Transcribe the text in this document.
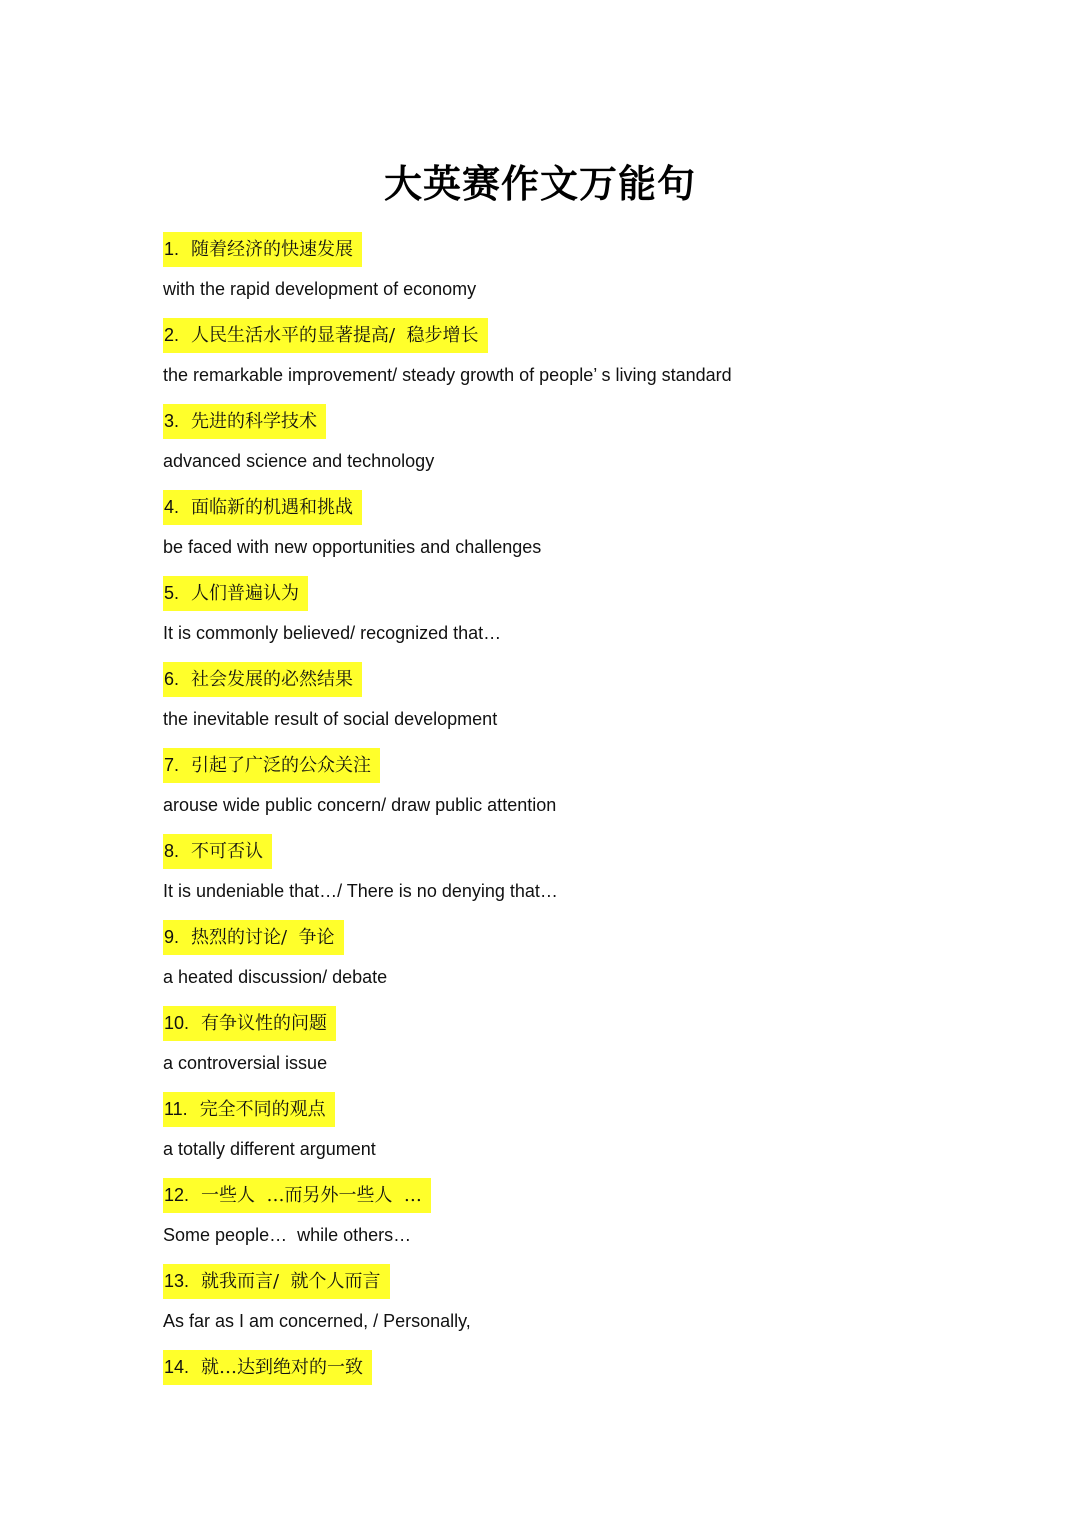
大英赛作文万能句
1. 随着经济的快速发展
with the rapid development of economy
2. 人民生活水平的显著提高/  稳步增长
the remarkable improvement/ steady growth of people’ s living standard
3. 先进的科学技术
advanced science and technology
4. 面临新的机遇和挑战
be faced with new opportunities and challenges
5. 人们普遍认为
It is commonly believed/ recognized that…
6. 社会发展的必然结果
the inevitable result of social development
7. 引起了广泛的公众关注
arouse wide public concern/ draw public attention
8. 不可否认
It is undeniable that…/ There is no denying that…
9. 热烈的讨论/  争论
a heated discussion/ debate
10. 有争议性的问题
a controversial issue
11. 完全不同的观点
a totally different argument
12. 一些人  …而另外一些人  …
Some people…  while others…
13. 就我而言/  就个人而言
As far as I am concerned, / Personally,
14. 就…达到绝对的一致
